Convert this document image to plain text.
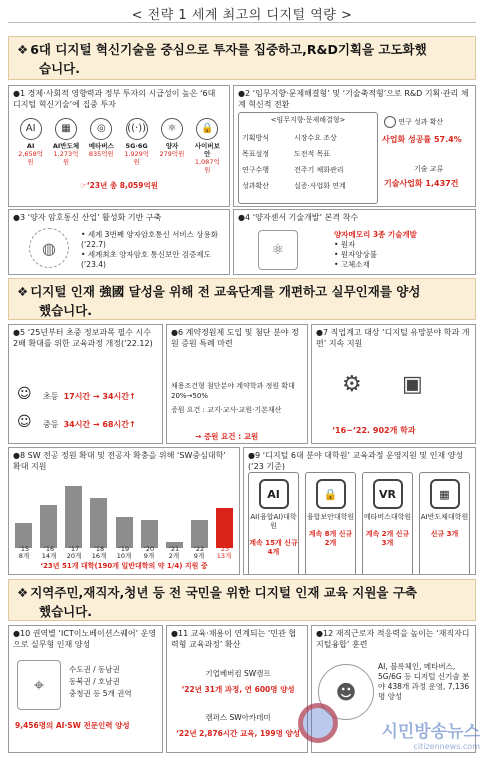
< 전략 1 세계 최고의 디지털 역량 >
❖ 6대 디지털 혁신기술을 중심으로 투자를 집중하고,R&D기획을 고도화했
습니다.
●1 경제·사회적 영향력과 정부 투자의 시급성이 높은 ‘6대 디지털 혁신기술’에 집중 투자
AI
AI
2,658억원
▦
AI반도체
1,273억원
◎
메타버스
835억원
((·))
5G·6G
1,929억원
⚛
양자
279억원
🔒
사이버보안
1,087억원
☞‘23년 총 8,059억원
●2 ‘임무지향·문제해결형’ 및 ‘기술축적형’으로 R&D 기획·관리 체계 혁신적 전환
<임무지향·문제해결형>
기획방식
목표설정
연구수행
성과확산
시장수요 조상
도전적 목표
전주기 체화관리
실증·사업화 연계
연구 성과 확산
사업화 성공률 57.4%
기술 교류
기술사업화 1,437건
●3 ‘양자 암호통신 산업’ 활성화 기반 구축
◍
• 세계 3번째 양자암호통신 서비스 상용화(‘22.7)
• 세계최초 양자암호 통신보안 검증제도(‘23.4)
●4 ‘양자센서 기술개발’ 본격 착수
⚛
양자메모리 3종 기술개발
• 원자
• 원자양상불
• 고체소재
❖ 디지털 인재 強國 달성을 위해 전 교육단계를 개편하고 실무인재를 양성
했습니다.
●5 ‘25년부터 초중 정보과목 필수 시수 2배 확대를 위한 교육과정 개정(‘22.12)
☺ 초등 17시간 → 34시간↑
☺ 중등 34시간 → 68시간↑
●6 계약정원제 도입 및 첨단 분야 정원 증원 특례 마련
채용조건형 첨단분야 계약학과 정원 확대 20%→50%
증원 요건 : 교지·교사·교원·기본재산
→ 증원 요건 : 교원
●7 직업계고 대상 ‘디지털 유망분야 학과 개편’ 지속 지원
⚙ ▣
‘16~‘22. 902개 학과
●8 SW 전공 정원 확대 및 전공자 확충을 위해 ‘SW중심대학’ 확대 지원
‘15
8개
‘16
14개
‘17
20개
‘18
16개
‘19
10개
‘20
9개
‘21
2개
‘22
9개
‘23
13개
‘23년 51개 대학(190개 일반대학의 약 1/4) 지원 중
●9 ‘디지털 6대 분야 대학원’ 교육과정 운영지원 및 인재 양성(‘23 기준)
AI
AI(융합AI)대학원
계속 15개 신규 4개
🔒
융합보안대학원
계속 8개 신규 2개
VR
메타버스대학원
계속 2개 신규 3개
▦
AI반도체대학원
신규 3개
❖ 지역주민,재직자,청년 등 전 국민을 위한 디지털 인재 교육 지원을 구축
했습니다.
●10 권역별 ‘ICT이노베이션스퀘어’ 운영으로 실무형 인재 양성
⌖
수도권 / 동남권
동북권 / 호남권
충청권 등 5개 권역
9,456명의 AI·SW 전문인력 양성
●11 교육·채용이 연계되는 ‘민관 협력형 교육과정’ 확산
기업베버컴 SW캠프
‘22년 31개 과정, 연 600명 양성
캠퍼스 SW아카데미
‘22년 2,876시간 교육, 199명 양성
●12 재직근로자 적응력을 높이는 ‘재직자디지털융합’ 훈련
☻
AI, 블록체인, 메타버스, 5G/6G 등 디지털 신기술 분야 438개 과정 운영, 7,136명 양성
시민방송뉴스
citizennews.com
